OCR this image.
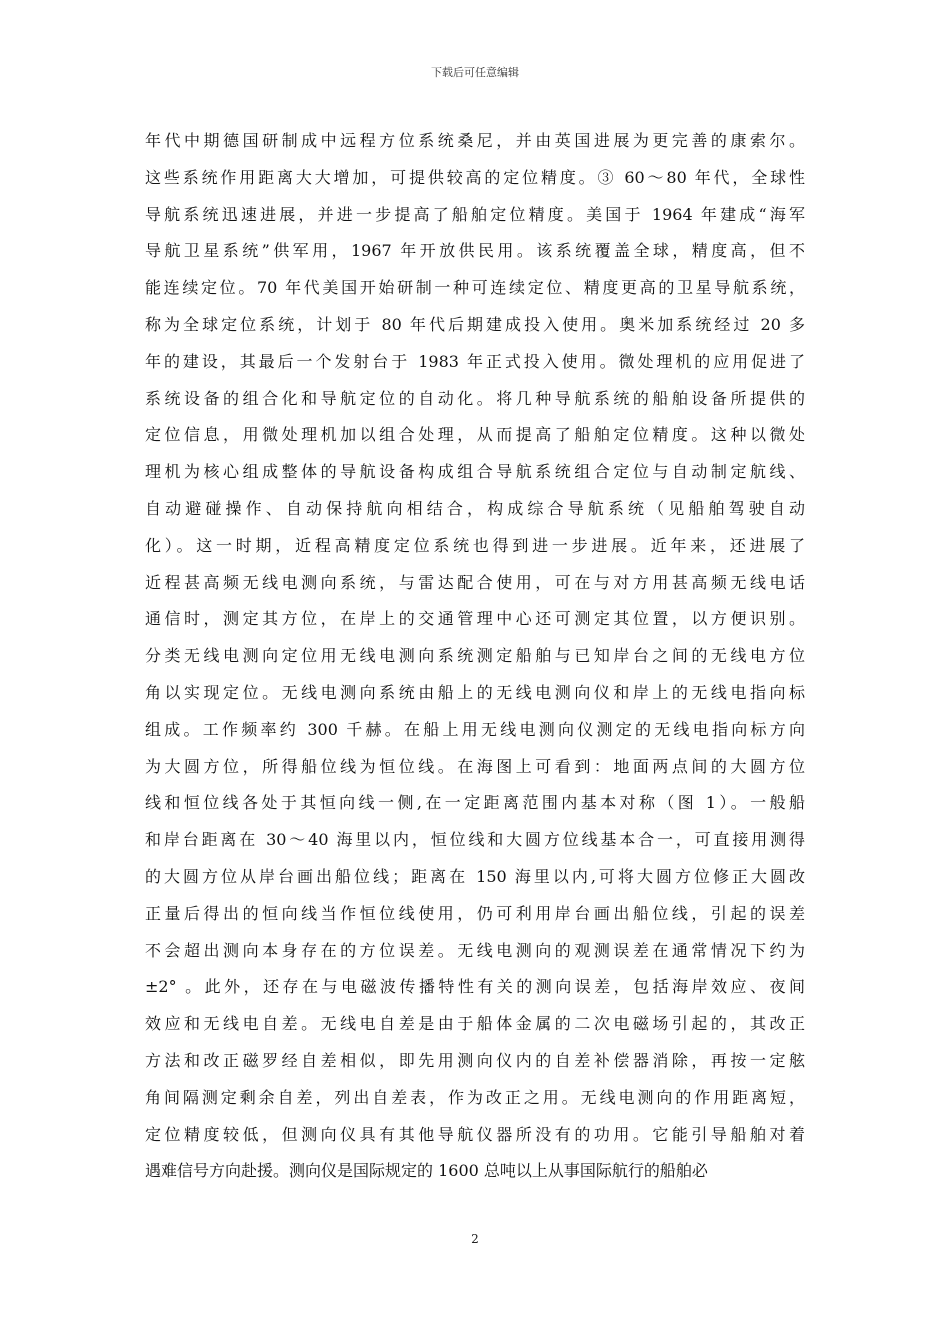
下载后可任意编辑
年代中期德国研制成中远程方位系统桑尼，并由英国进展为更完善的康索尔。
这些系统作用距离大大增加，可提供较高的定位精度。③ 60～80 年代，全球性
导航系统迅速进展，并进一步提高了船舶定位精度。美国于 1964 年建成“海军
导航卫星系统”供军用，1967 年开放供民用。该系统覆盖全球，精度高，但不
能连续定位。70 年代美国开始研制一种可连续定位、精度更高的卫星导航系统，
称为全球定位系统，计划于 80 年代后期建成投入使用。奥米加系统经过 20 多
年的建设，其最后一个发射台于 1983 年正式投入使用。微处理机的应用促进了
系统设备的组合化和导航定位的自动化。将几种导航系统的船舶设备所提供的
定位信息，用微处理机加以组合处理，从而提高了船舶定位精度。这种以微处
理机为核心组成整体的导航设备构成组合导航系统组合定位与自动制定航线、
自动避碰操作、自动保持航向相结合，构成综合导航系统（见船舶驾驶自动
化）。这一时期，近程高精度定位系统也得到进一步进展。近年来，还进展了
近程甚高频无线电测向系统，与雷达配合使用，可在与对方用甚高频无线电话
通信时，测定其方位，在岸上的交通管理中心还可测定其位置，以方便识别。
分类无线电测向定位用无线电测向系统测定船舶与已知岸台之间的无线电方位
角以实现定位。无线电测向系统由船上的无线电测向仪和岸上的无线电指向标
组成。工作频率约 300 千赫。在船上用无线电测向仪测定的无线电指向标方向
为大圆方位，所得船位线为恒位线。在海图上可看到：地面两点间的大圆方位
线和恒位线各处于其恒向线一侧,在一定距离范围内基本对称（图 1）。一般船
和岸台距离在 30～40 海里以内，恒位线和大圆方位线基本合一，可直接用测得
的大圆方位从岸台画出船位线；距离在 150 海里以内,可将大圆方位修正大圆改
正量后得出的恒向线当作恒位线使用，仍可利用岸台画出船位线，引起的误差
不会超出测向本身存在的方位误差。无线电测向的观测误差在通常情况下约为
±2° 。此外，还存在与电磁波传播特性有关的测向误差，包括海岸效应、夜间
效应和无线电自差。无线电自差是由于船体金属的二次电磁场引起的，其改正
方法和改正磁罗经自差相似，即先用测向仪内的自差补偿器消除，再按一定舷
角间隔测定剩余自差，列出自差表，作为改正之用。无线电测向的作用距离短，
定位精度较低，但测向仪具有其他导航仪器所没有的功用。它能引导船舶对着
遇难信号方向赴援。测向仪是国际规定的 1600 总吨以上从事国际航行的船舶必
2
